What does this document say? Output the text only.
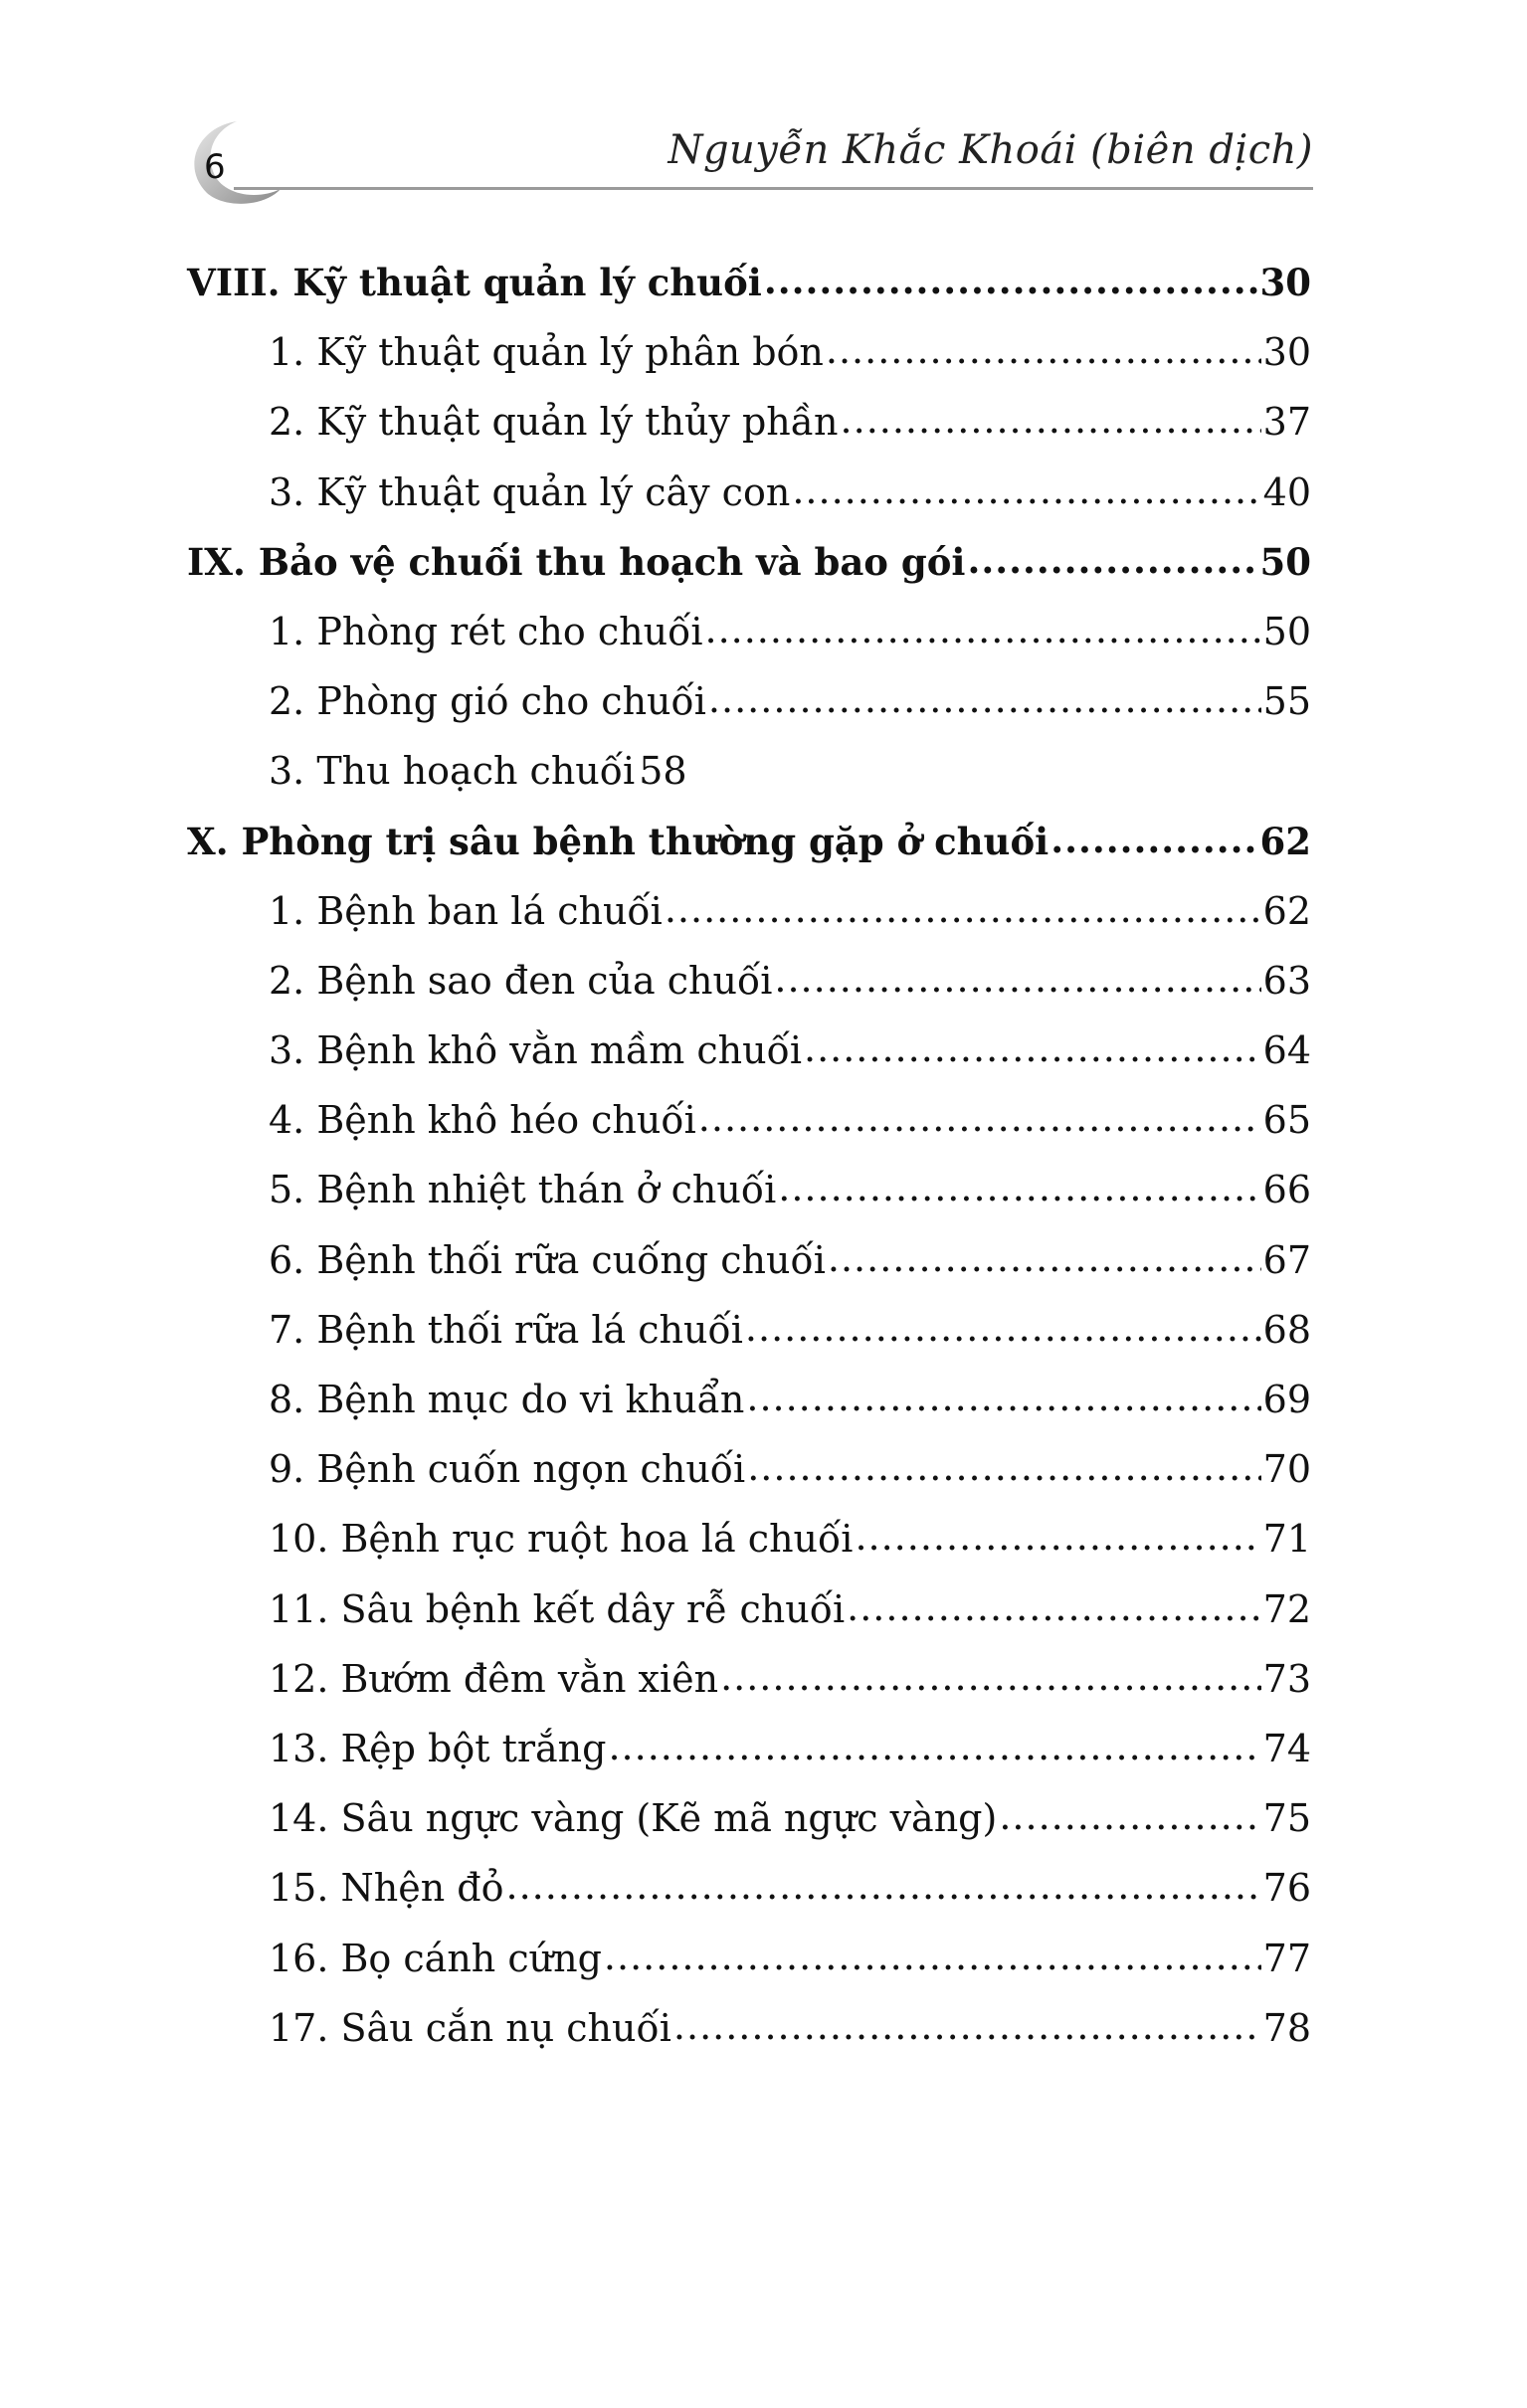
6	Nguyễn Khắc Khoái (biên dịch)
VIII. Kỹ thuật quản lý chuối .....	30
1. Kỹ thuật quản lý phân bón .....	30
2. Kỹ thuật quản lý thủy phần .....	37
3. Kỹ thuật quản lý cây con .....	40
IX. Bảo vệ chuối thu hoạch và bao gói .....	50
1. Phòng rét cho chuối .....	50
2. Phòng gió cho chuối .....	55
3. Thu hoạch chuối 58
X. Phòng trị sâu bệnh thường gặp ở chuối .....	62
1. Bệnh ban lá chuối .....	62
2. Bệnh sao đen của chuối .....	63
3. Bệnh khô vằn mầm chuối .....	64
4. Bệnh khô héo chuối .....	65
5. Bệnh nhiệt thán ở chuối .....	66
6. Bệnh thối rữa cuống chuối .....	67
7. Bệnh thối rữa lá chuối .....	68
8. Bệnh mục do vi khuẩn .....	69
9. Bệnh cuốn ngọn chuối .....	70
10. Bệnh rục ruột hoa lá chuối .....	71
11. Sâu bệnh kết dây rễ chuối .....	72
12. Bướm đêm vằn xiên .....	73
13. Rệp bột trắng .....	74
14. Sâu ngực vàng (Kẽ mã ngực vàng) .....	75
15. Nhện đỏ .....	76
16. Bọ cánh cứng .....	77
17. Sâu cắn nụ chuối .....	78
